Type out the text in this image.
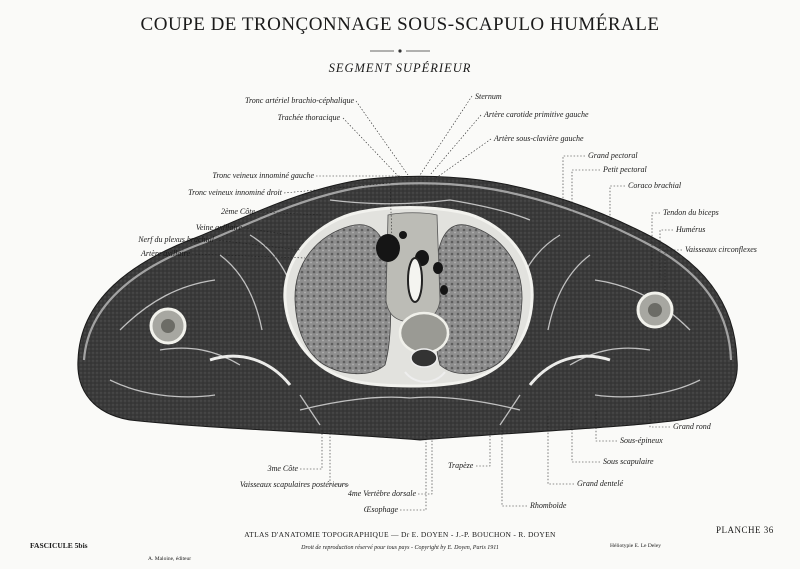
COUPE DE TRONÇONNAGE SOUS-SCAPULO HUMÉRALE
SEGMENT SUPÉRIEUR
Tronc artériel brachio-céphalique
Trachée thoracique
Tronc veineux innominé gauche
Tronc veineux innominé droit
2ème Côte
Veine axillaire
Nerf du plexus brachial
Artère axillaire
Sternum
Artère carotide primitive gauche
Artère sous-clavière gauche
Grand pectoral
Petit pectoral
Coraco brachial
Tendon du biceps
Humérus
Vaisseaux circonflexes
Grand rond
Sous-épineux
Sous scapulaire
Grand dentelé
Rhomboïde
Trapèze
3me Côte
Vaisseaux scapulaires postérieurs
4me Vertèbre dorsale
Œsophage
FASCICULE 5bis
A. Maloine, éditeur
ATLAS D'ANATOMIE TOPOGRAPHIQUE — Dr E. DOYEN - J.-P. BOUCHON - R. DOYEN
Droit de reproduction réservé pour tous pays - Copyright by E. Doyen, Paris 1911
PLANCHE 36
Héliotypie E. Le Deley
